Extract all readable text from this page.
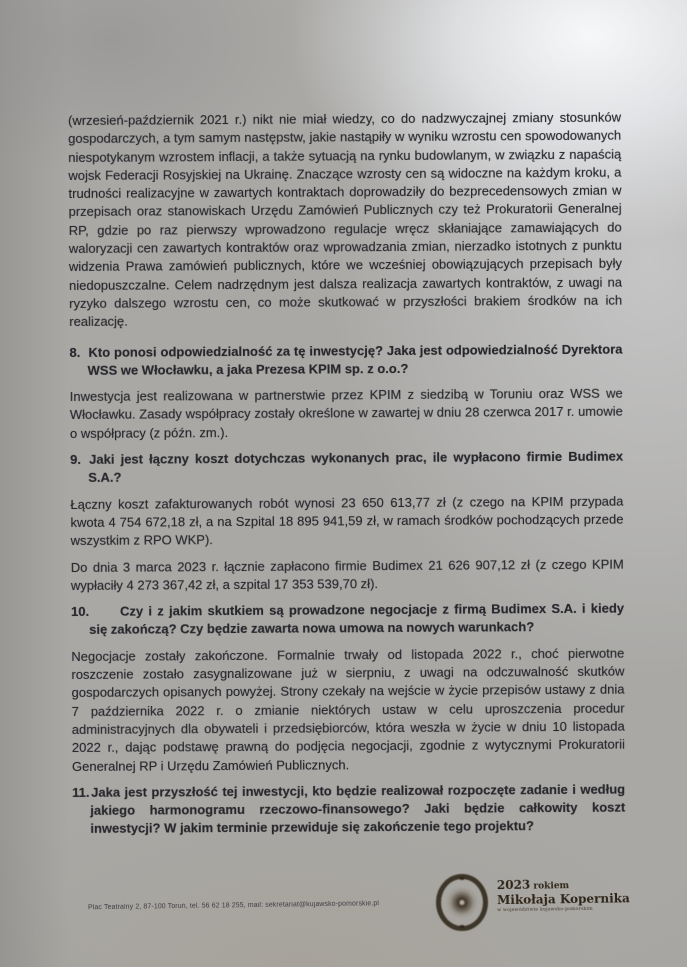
(wrzesień-październik 2021 r.) nikt nie miał wiedzy, co do nadzwyczajnej zmiany stosunków gospodarczych, a tym samym następstw, jakie nastąpiły w wyniku wzrostu cen spowodowanych niespotykanym wzrostem inflacji, a także sytuacją na rynku budowlanym, w związku z napaścią wojsk Federacji Rosyjskiej na Ukrainę. Znaczące wzrosty cen są widoczne na każdym kroku, a trudności realizacyjne w zawartych kontraktach doprowadziły do bezprecedensowych zmian w przepisach oraz stanowiskach Urzędu Zamówień Publicznych czy też Prokuratorii Generalnej RP, gdzie po raz pierwszy wprowadzono regulacje wręcz skłaniające zamawiających do waloryzacji cen zawartych kontraktów oraz wprowadzania zmian, nierzadko istotnych z punktu widzenia Prawa zamówień publicznych, które we wcześniej obowiązujących przepisach były niedopuszczalne. Celem nadrzędnym jest dalsza realizacja zawartych kontraktów, z uwagi na ryzyko dalszego wzrostu cen, co może skutkować w przyszłości brakiem środków na ich realizację.

8. Kto ponosi odpowiedzialność za tę inwestycję? Jaka jest odpowiedzialność Dyrektora WSS we Włocławku, a jaka Prezesa KPIM sp. z o.o.?

Inwestycja jest realizowana w partnerstwie przez KPIM z siedzibą w Toruniu oraz WSS we Włocławku. Zasady współpracy zostały określone w zawartej w dniu 28 czerwca 2017 r. umowie o współpracy (z późn. zm.).

9. Jaki jest łączny koszt dotychczas wykonanych prac, ile wypłacono firmie Budimex S.A.?

Łączny koszt zafakturowanych robót wynosi 23 650 613,77 zł (z czego na KPIM przypada kwota 4 754 672,18 zł, a na Szpital 18 895 941,59 zł, w ramach środków pochodzących przede wszystkim z RPO WKP).

Do dnia 3 marca 2023 r. łącznie zapłacono firmie Budimex 21 626 907,12 zł (z czego KPIM wypłaciły 4 273 367,42 zł, a szpital 17 353 539,70 zł).

10. Czy i z jakim skutkiem są prowadzone negocjacje z firmą Budimex S.A. i kiedy się zakończą? Czy będzie zawarta nowa umowa na nowych warunkach?

Negocjacje zostały zakończone. Formalnie trwały od listopada 2022 r., choć pierwotne roszczenie zostało zasygnalizowane już w sierpniu, z uwagi na odczuwalność skutków gospodarczych opisanych powyżej. Strony czekały na wejście w życie przepisów ustawy z dnia 7 października 2022 r. o zmianie niektórych ustaw w celu uproszczenia procedur administracyjnych dla obywateli i przedsiębiorców, która weszła w życie w dniu 10 listopada 2022 r., dając podstawę prawną do podjęcia negocjacji, zgodnie z wytycznymi Prokuratorii Generalnej RP i Urzędu Zamówień Publicznych.

11. Jaka jest przyszłość tej inwestycji, kto będzie realizował rozpoczęte zadanie i według jakiego harmonogramu rzeczowo-finansowego? Jaki będzie całkowity koszt inwestycji? W jakim terminie przewiduje się zakończenie tego projektu?

Plac Teatralny 2, 87-100 Toruń, tel. 56 62 18 255, mail: sekretariat@kujawsko-pomorskie.pl
2023 rokiem
Mikołaja Kopernika
w województwie kujawsko-pomorskim
